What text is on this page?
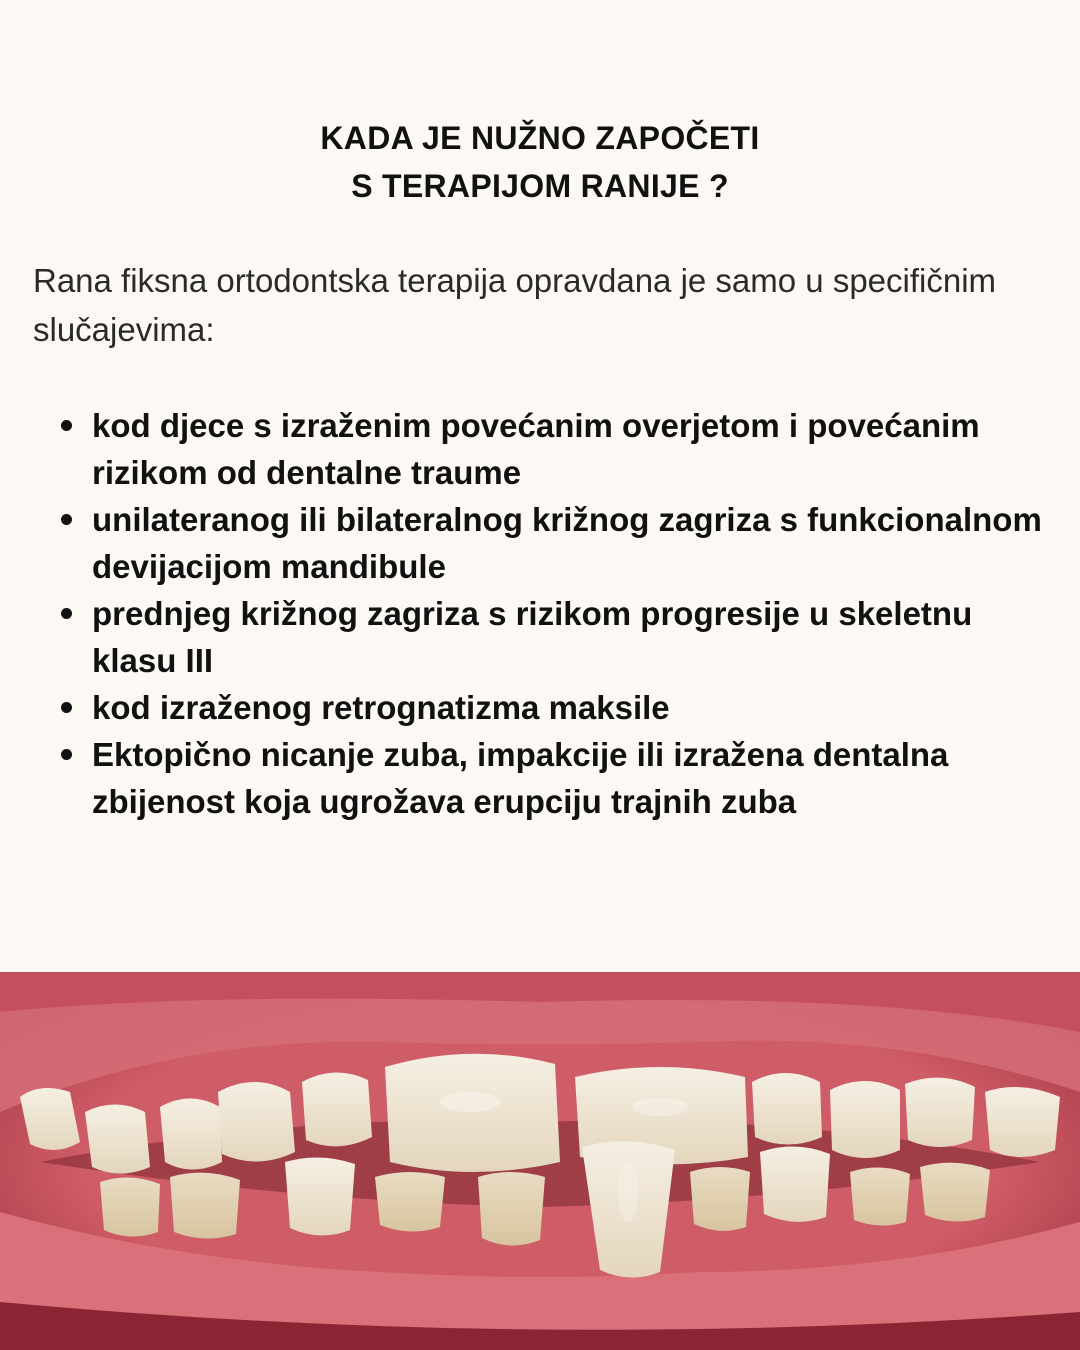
KADA JE NUŽNO ZAPOČETI
S TERAPIJOM RANIJE ?
Rana fiksna ortodontska terapija opravdana je samo u specifičnim slučajevima:
kod djece s izraženim povećanim overjetom i povećanim rizikom od dentalne traume
unilateranog ili bilateralnog križnog zagriza s funkcionalnom devijacijom mandibule
prednjeg križnog zagriza s rizikom progresije u skeletnu klasu III
kod izraženog retrognatizma maksile
Ektopično nicanje zuba, impakcije ili izražena dentalna zbijenost koja ugrožava erupciju trajnih zuba
